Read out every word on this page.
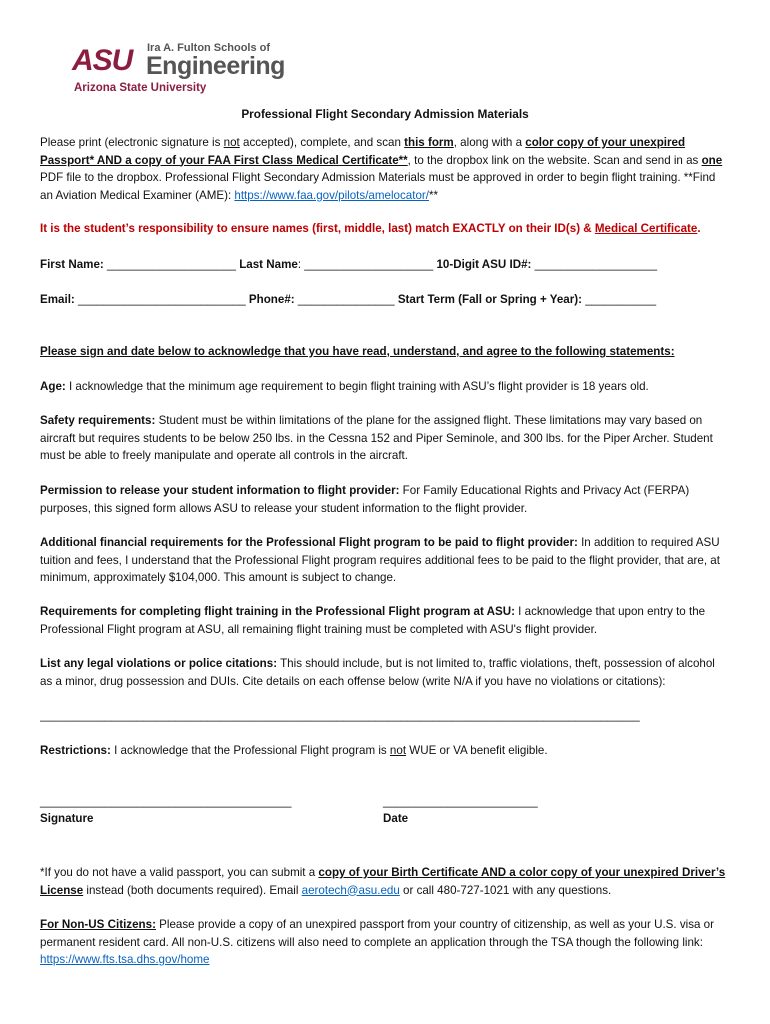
ASU Ira A. Fulton Schools of
Engineering
Arizona State University
Professional Flight Secondary Admission Materials
Please print (electronic signature is not accepted), complete, and scan this form, along with a color copy of your unexpired Passport* AND a copy of your FAA First Class Medical Certificate**, to the dropbox link on the website. Scan and send in as one PDF file to the dropbox. Professional Flight Secondary Admission Materials must be approved in order to begin flight training. **Find an Aviation Medical Examiner (AME): https://www.faa.gov/pilots/amelocator/**
It is the student’s responsibility to ensure names (first, middle, last) match EXACTLY on their ID(s) & Medical Certificate.
First Name: ____________________ Last Name: ____________________ 10-Digit ASU ID#: ___________________
Email: __________________________ Phone#: _______________ Start Term (Fall or Spring + Year): ___________
Please sign and date below to acknowledge that you have read, understand, and agree to the following statements:
Age: I acknowledge that the minimum age requirement to begin flight training with ASU’s flight provider is 18 years old.
Safety requirements: Student must be within limitations of the plane for the assigned flight. These limitations may vary based on aircraft but requires students to be below 250 lbs. in the Cessna 152 and Piper Seminole, and 300 lbs. for the Piper Archer. Student must be able to freely manipulate and operate all controls in the aircraft.
Permission to release your student information to flight provider: For Family Educational Rights and Privacy Act (FERPA) purposes, this signed form allows ASU to release your student information to the flight provider.
Additional financial requirements for the Professional Flight program to be paid to flight provider: In addition to required ASU tuition and fees, I understand that the Professional Flight program requires additional fees to be paid to the flight provider, that are, at minimum, approximately $104,000. This amount is subject to change.
Requirements for completing flight training in the Professional Flight program at ASU: I acknowledge that upon entry to the Professional Flight program at ASU, all remaining flight training must be completed with ASU's flight provider.
List any legal violations or police citations: This should include, but is not limited to, traffic violations, theft, possession of alcohol as a minor, drug possession and DUIs. Cite details on each offense below (write N/A if you have no violations or citations):
_____________________________________________________________________________________________
Restrictions: I acknowledge that the Professional Flight program is not WUE or VA benefit eligible.
_______________________________________
Signature
________________________
Date
*If you do not have a valid passport, you can submit a copy of your Birth Certificate AND a color copy of your unexpired Driver’s License instead (both documents required). Email aerotech@asu.edu or call 480-727-1021 with any questions.
For Non-US Citizens: Please provide a copy of an unexpired passport from your country of citizenship, as well as your U.S. visa or permanent resident card. All non-U.S. citizens will also need to complete an application through the TSA though the following link: https://www.fts.tsa.dhs.gov/home
